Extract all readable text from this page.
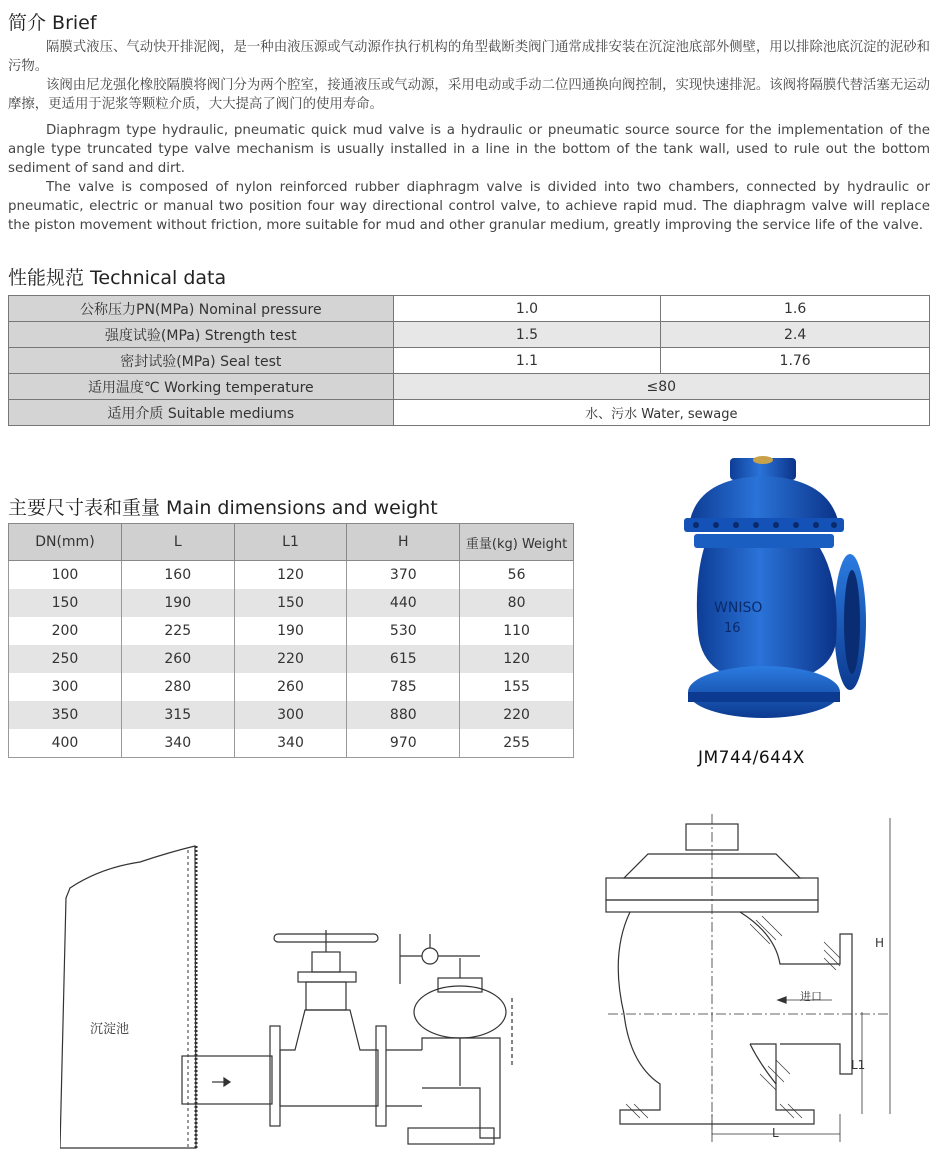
简介 Brief

隔膜式液压、气动快开排泥阀，是一种由液压源或气动源作执行机构的角型截断类阀门通常成排安装在沉淀池底部外侧壁，用以排除池底沉淀的泥砂和污物。

该阀由尼龙强化橡胶隔膜将阀门分为两个腔室，接通液压或气动源，采用电动或手动二位四通换向阀控制，实现快速排泥。该阀将隔膜代替活塞无运动摩擦，更适用于泥浆等颗粒介质，大大提高了阀门的使用寿命。

Diaphragm type hydraulic, pneumatic quick mud valve is a hydraulic or pneumatic source source for the implementation of the angle type truncated type valve mechanism is usually installed in a line in the bottom of the tank wall, used to rule out the bottom sediment of sand and dirt.

The valve is composed of nylon reinforced rubber diaphragm valve is divided into two chambers, connected by hydraulic or pneumatic, electric or manual two position four way directional control valve, to achieve rapid mud. The diaphragm valve will replace the piston movement without friction, more suitable for mud and other granular medium, greatly improving the service life of the valve.

性能规范 Technical data
公称压力PN(MPa) Nominal pressure	1.0	1.6
强度试验(MPa) Strength test	1.5	2.4
密封试验(MPa) Seal test	1.1	1.76
适用温度℃ Working temperature	≤80	
适用介质 Suitable mediums	水、污水 Water, sewage	
主要尺寸表和重量 Main dimensions and weight
DN(mm)	L	L1	H	重量(kg) Weight
100	160	120	370	56
150	190	150	440	80
200	225	190	530	110
250	260	220	615	120
300	280	260	785	155
350	315	300	880	220
400	340	340	970	255
WNISO
16
JM744/644X
沉淀池
H
L1
L
进口
